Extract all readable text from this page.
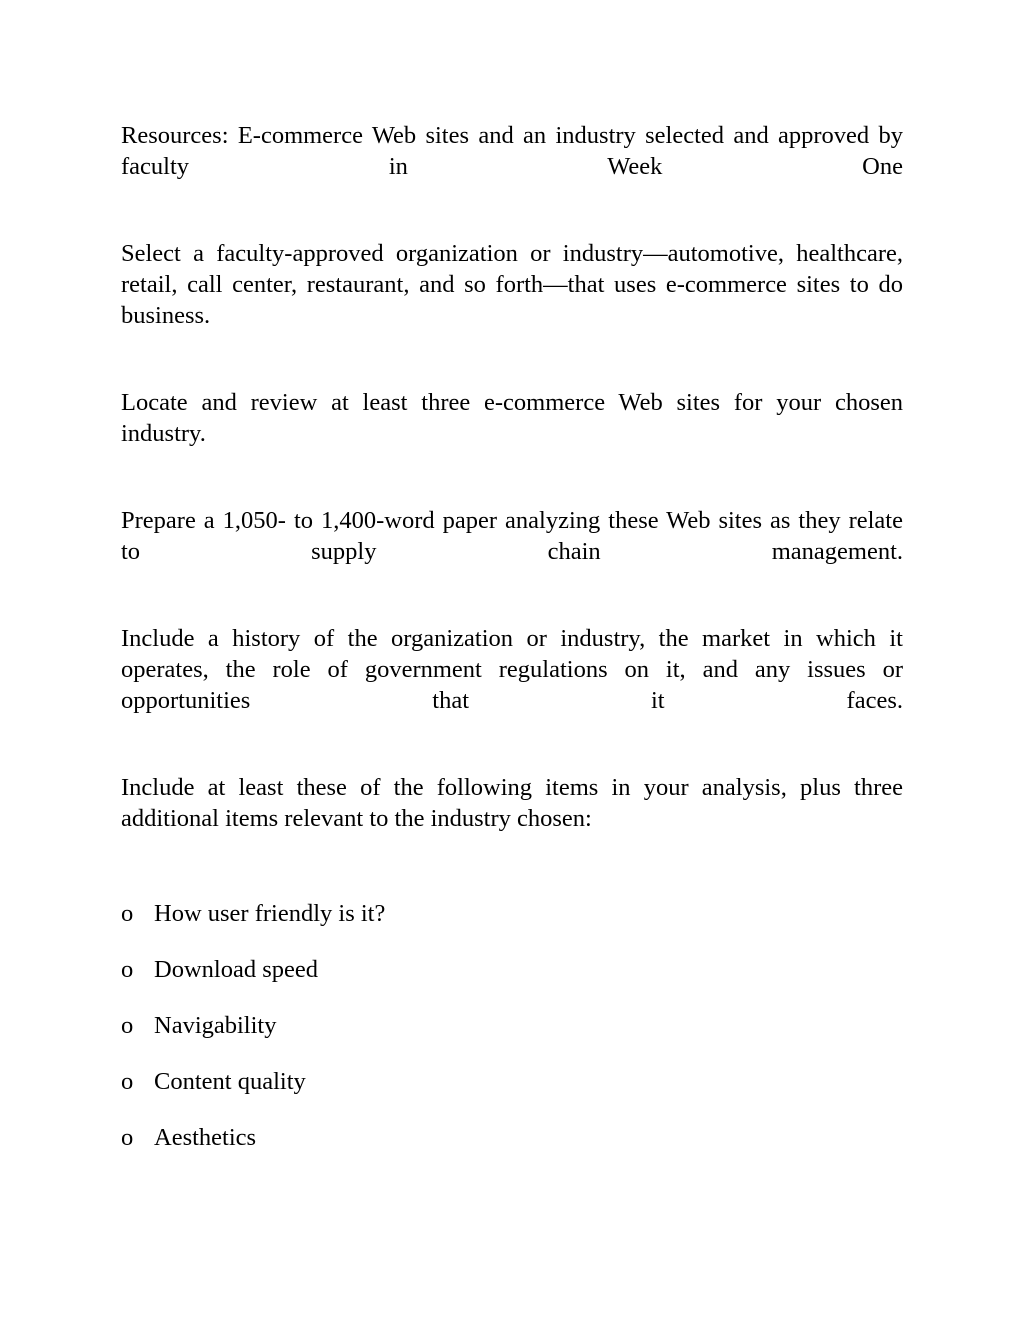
Resources: E-commerce Web sites and an industry selected and approved by faculty in Week One

Select a faculty-approved organization or industry—automotive, healthcare, retail, call center, restaurant, and so forth—that uses e-commerce sites to do business.

Locate and review at least three e-commerce Web sites for your chosen industry.

Prepare a 1,050- to 1,400-word paper analyzing these Web sites as they relate to supply chain management.

Include a history of the organization or industry, the market in which it operates, the role of government regulations on it, and any issues or opportunities that it faces.

Include at least these of the following items in your analysis, plus three additional items relevant to the industry chosen:

o How user friendly is it?
o Download speed
o Navigability
o Content quality
o Aesthetics
